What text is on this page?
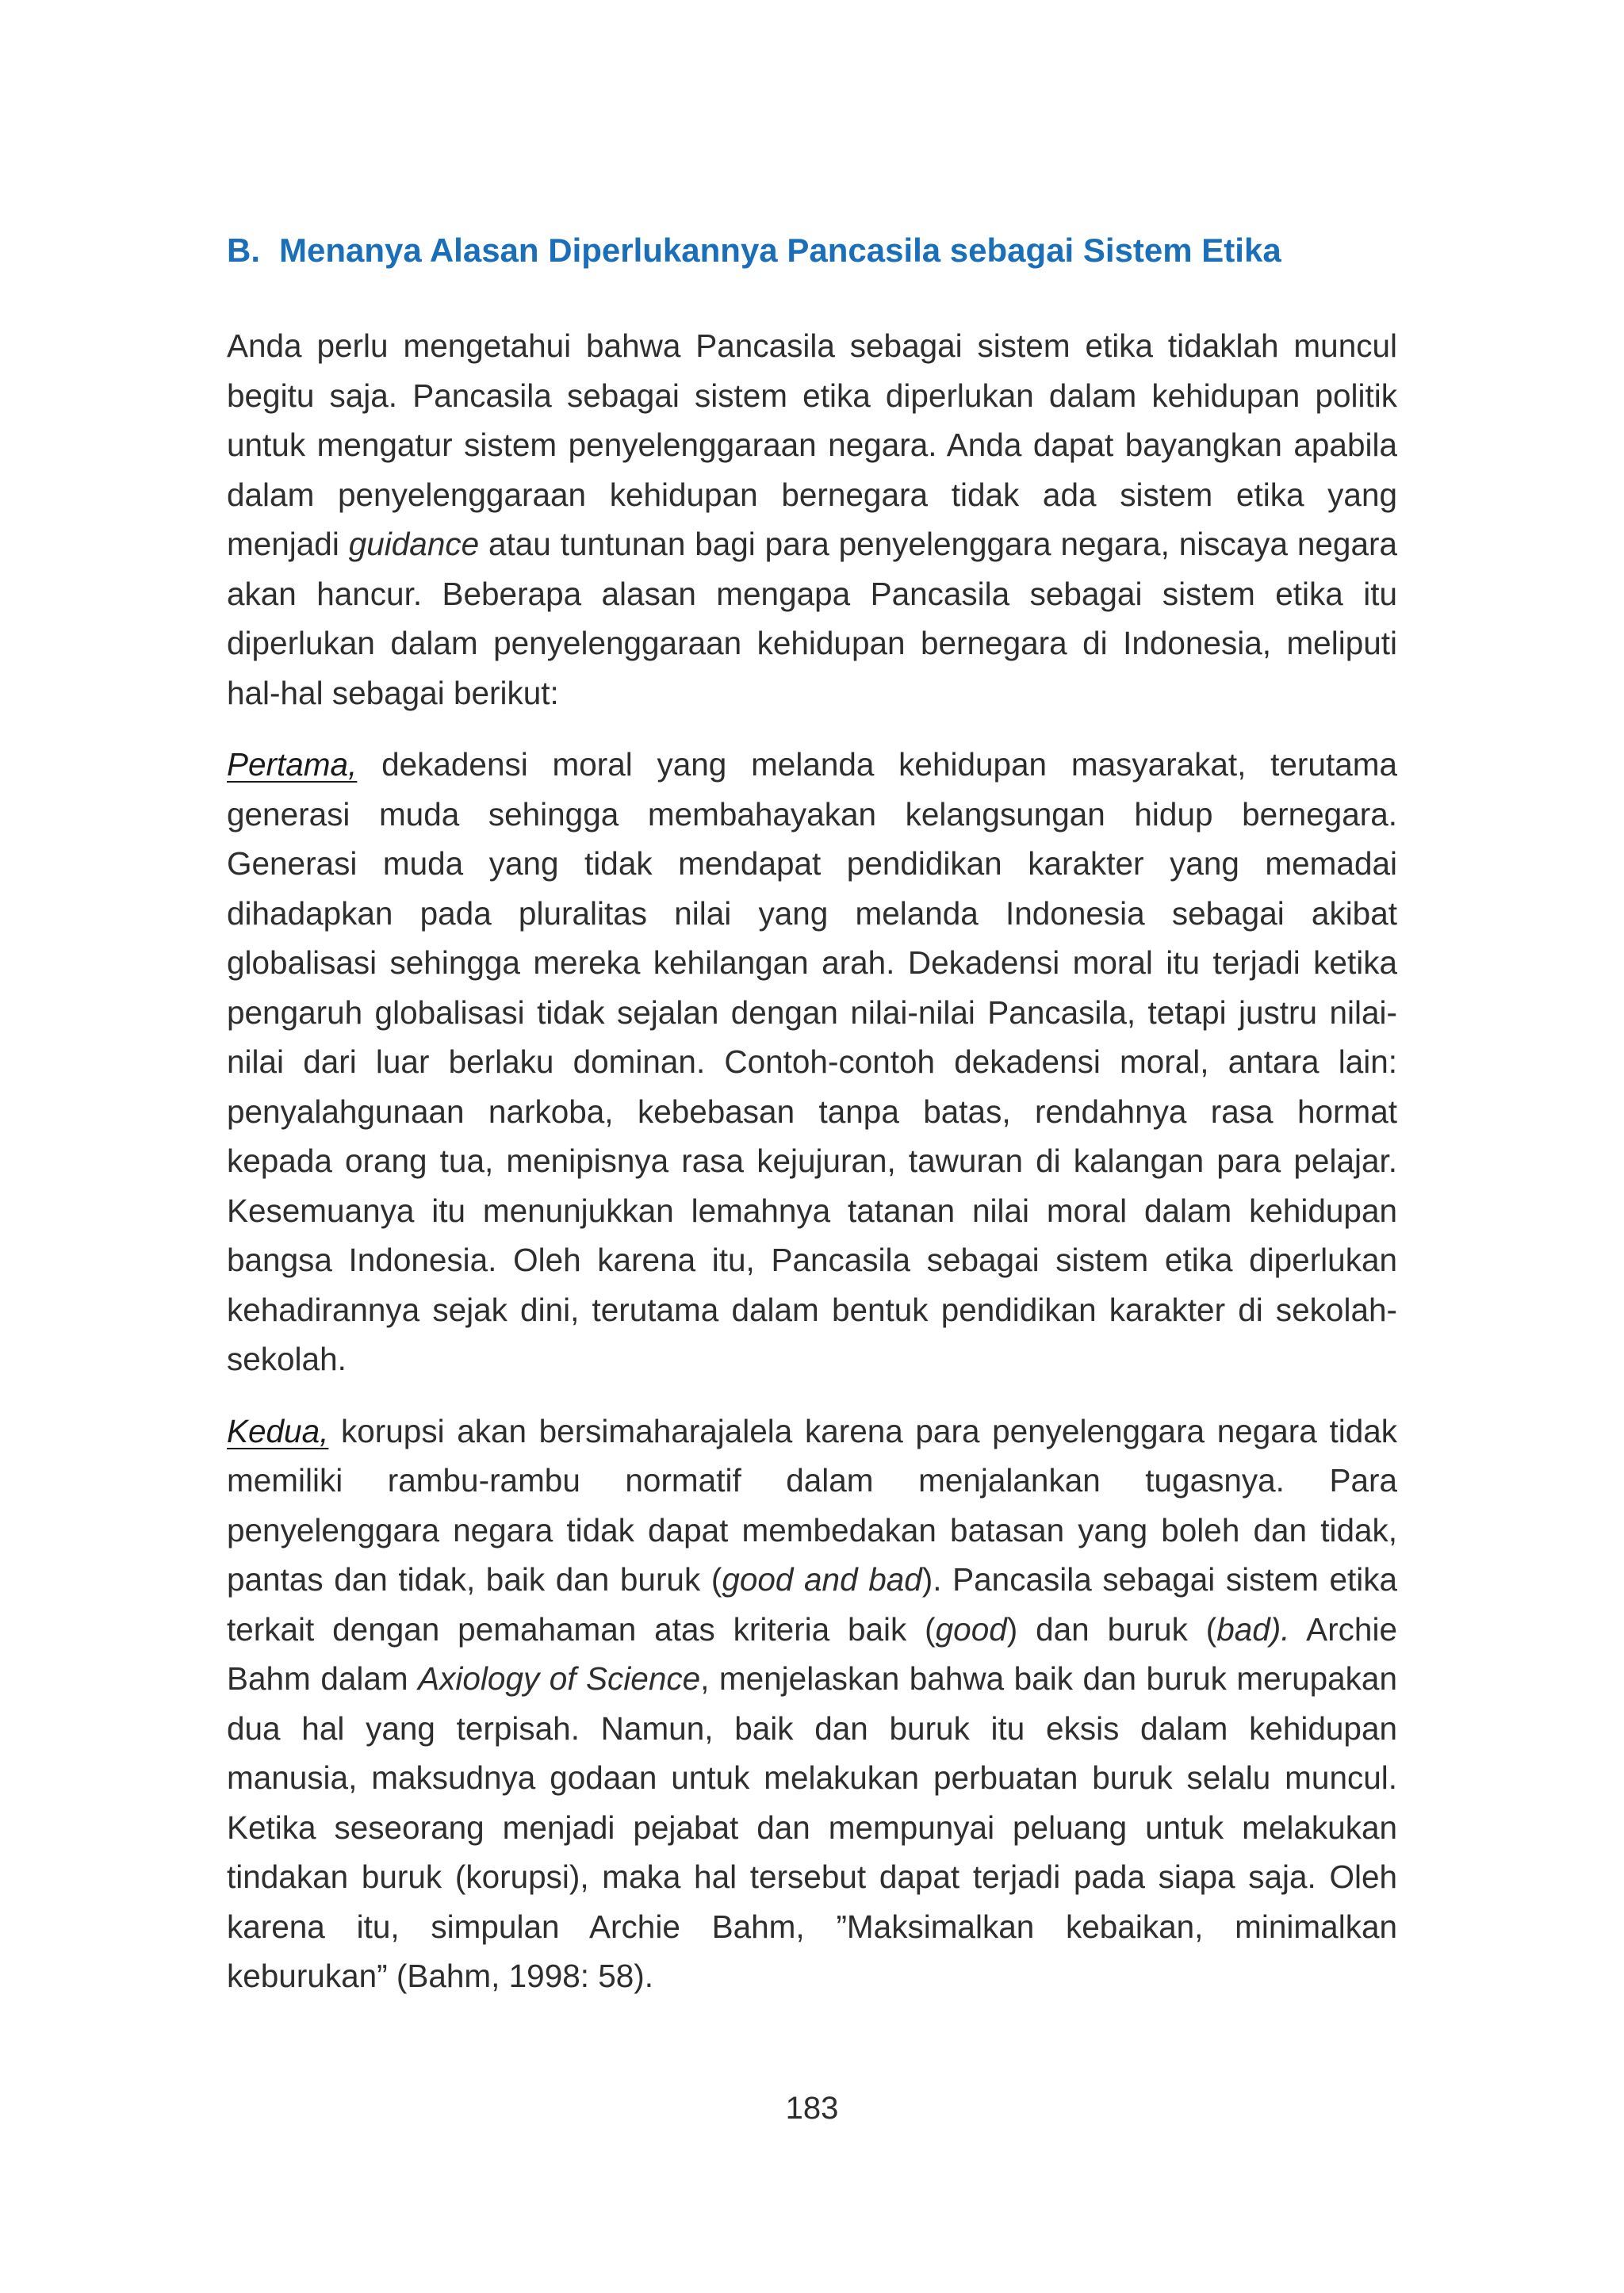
B. Menanya Alasan Diperlukannya Pancasila sebagai Sistem Etika

Anda perlu mengetahui bahwa Pancasila sebagai sistem etika tidaklah muncul begitu saja. Pancasila sebagai sistem etika diperlukan dalam kehidupan politik untuk mengatur sistem penyelenggaraan negara. Anda dapat bayangkan apabila dalam penyelenggaraan kehidupan bernegara tidak ada sistem etika yang menjadi guidance atau tuntunan bagi para penyelenggara negara, niscaya negara akan hancur. Beberapa alasan mengapa Pancasila sebagai sistem etika itu diperlukan dalam penyelenggaraan kehidupan bernegara di Indonesia, meliputi hal-hal sebagai berikut:

Pertama, dekadensi moral yang melanda kehidupan masyarakat, terutama generasi muda sehingga membahayakan kelangsungan hidup bernegara. Generasi muda yang tidak mendapat pendidikan karakter yang memadai dihadapkan pada pluralitas nilai yang melanda Indonesia sebagai akibat globalisasi sehingga mereka kehilangan arah. Dekadensi moral itu terjadi ketika pengaruh globalisasi tidak sejalan dengan nilai-nilai Pancasila, tetapi justru nilai-nilai dari luar berlaku dominan. Contoh-contoh dekadensi moral, antara lain: penyalahgunaan narkoba, kebebasan tanpa batas, rendahnya rasa hormat kepada orang tua, menipisnya rasa kejujuran, tawuran di kalangan para pelajar. Kesemuanya itu menunjukkan lemahnya tatanan nilai moral dalam kehidupan bangsa Indonesia. Oleh karena itu, Pancasila sebagai sistem etika diperlukan kehadirannya sejak dini, terutama dalam bentuk pendidikan karakter di sekolah-sekolah.

Kedua, korupsi akan bersimaharajalela karena para penyelenggara negara tidak memiliki rambu-rambu normatif dalam menjalankan tugasnya. Para penyelenggara negara tidak dapat membedakan batasan yang boleh dan tidak, pantas dan tidak, baik dan buruk (good and bad). Pancasila sebagai sistem etika terkait dengan pemahaman atas kriteria baik (good) dan buruk (bad). Archie Bahm dalam Axiology of Science, menjelaskan bahwa baik dan buruk merupakan dua hal yang terpisah. Namun, baik dan buruk itu eksis dalam kehidupan manusia, maksudnya godaan untuk melakukan perbuatan buruk selalu muncul. Ketika seseorang menjadi pejabat dan mempunyai peluang untuk melakukan tindakan buruk (korupsi), maka hal tersebut dapat terjadi pada siapa saja. Oleh karena itu, simpulan Archie Bahm, ”Maksimalkan kebaikan, minimalkan keburukan” (Bahm, 1998: 58).

183
